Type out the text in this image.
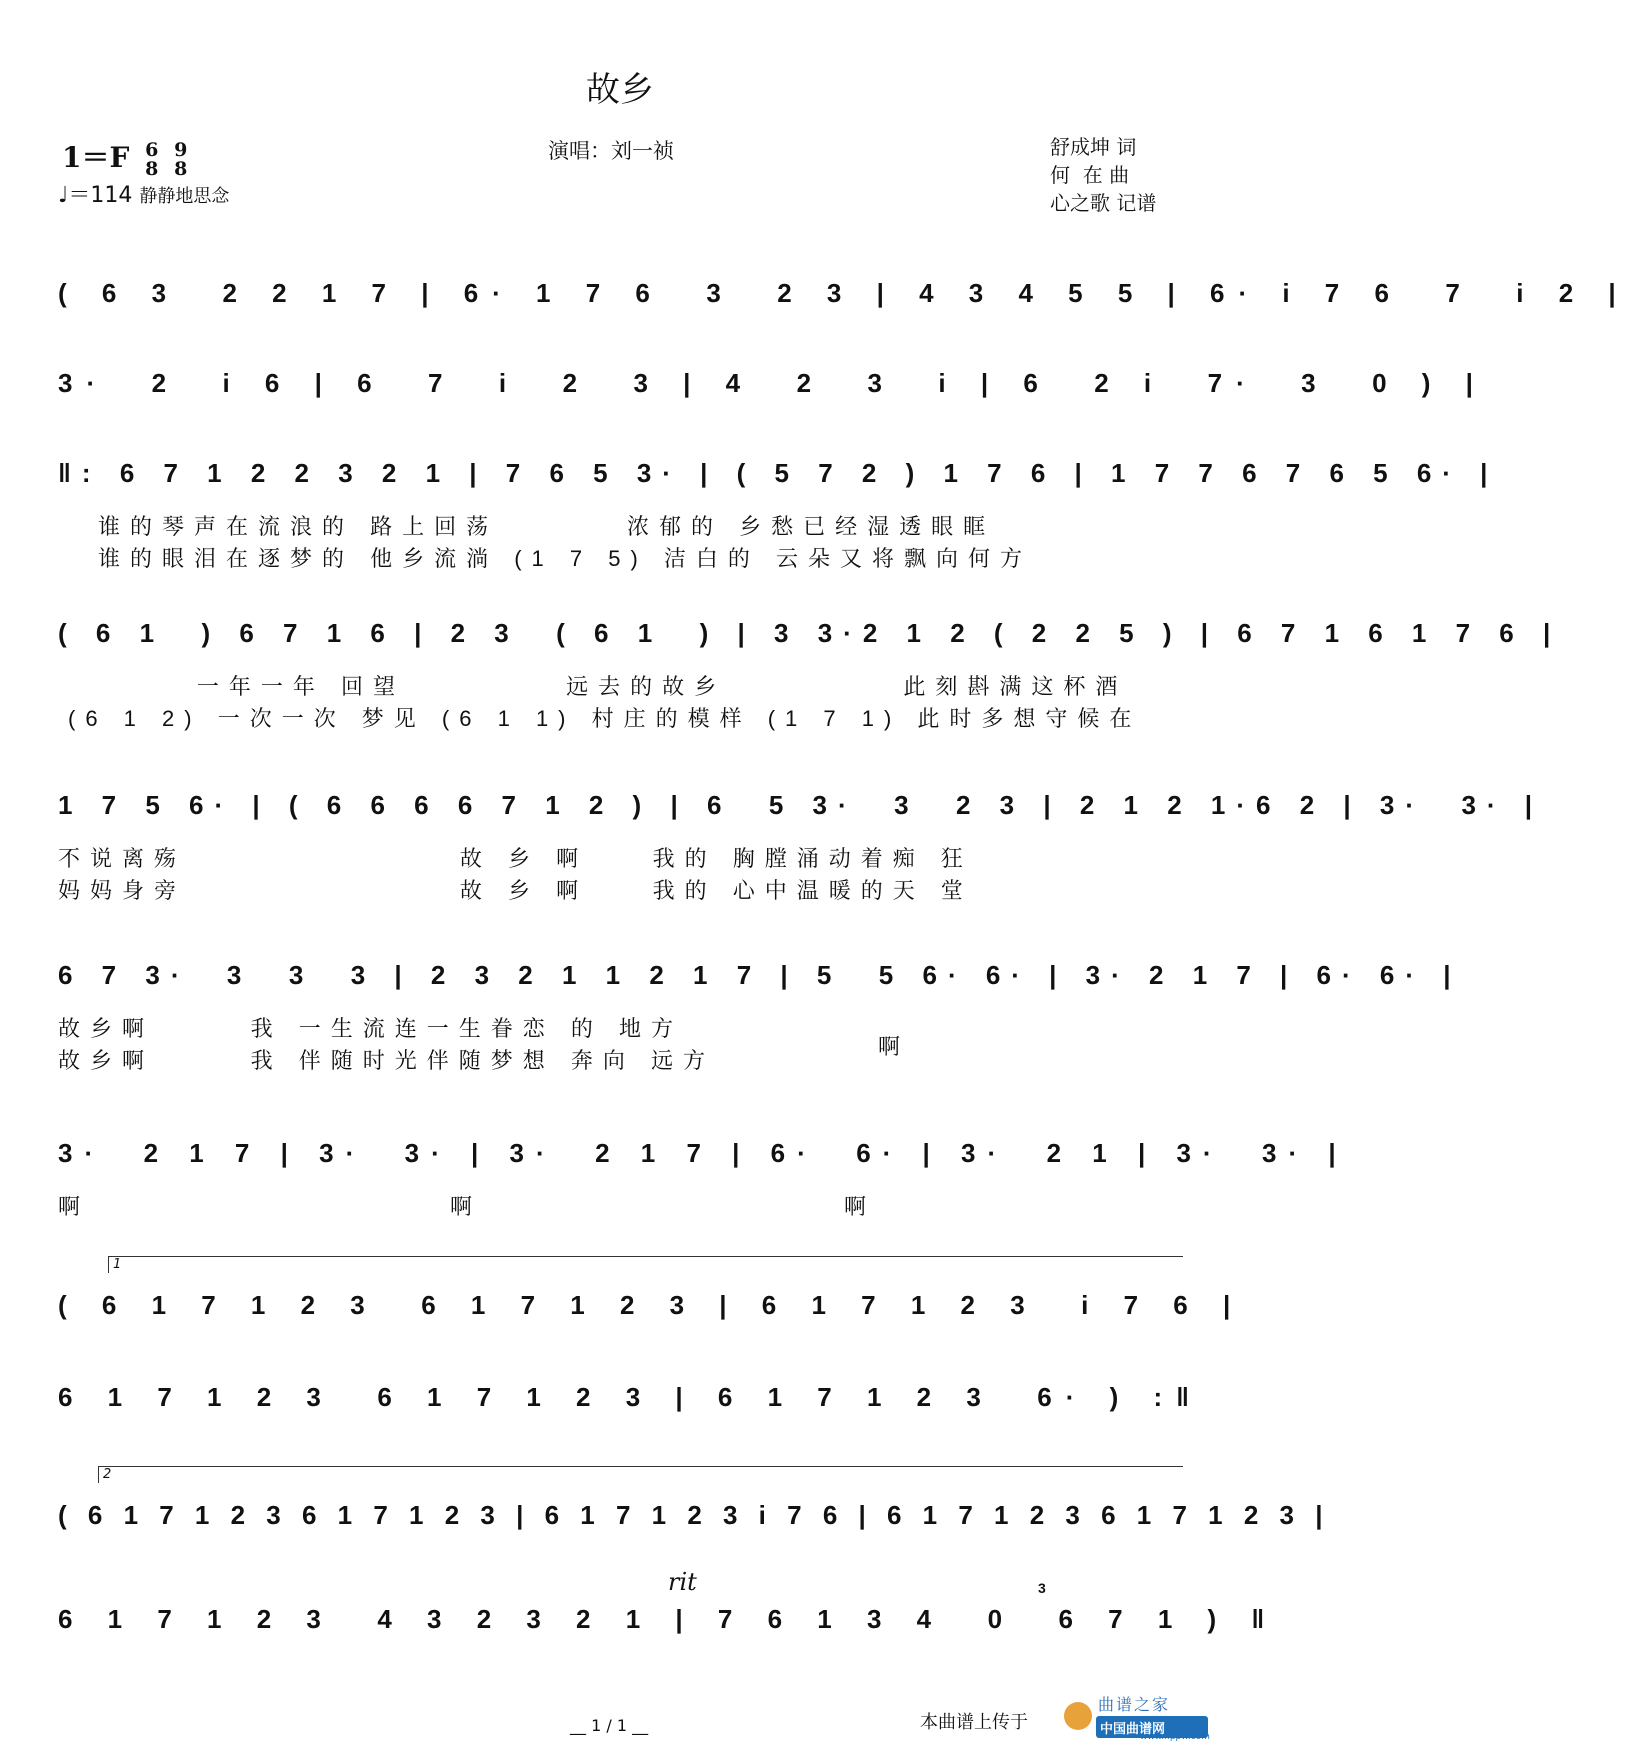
故乡
1＝F 6
8

9
8
♩＝114 静静地思念
演唱：刘一祯	舒成坤 词
何  在 曲
心之歌 记谱
( 6 3  2 2 1 7 | 6· 1 7 6  3  2 3 | 4 3 4 5 5 | 6· i 7 6  7  i 2 |
3·  2  i 6 | 6  7  i  2  3 | 4  2  3  i | 6  2 i  7·  3  0 ) |
‖: 6 7 1 2 2 3 2 1 | 7 6 5 3· | ( 5 7 2 ) 1 7 6 | 1 7 7 6 7 6 5 6· |
谁的琴声在流浪的 路上回荡        浓郁的 乡愁已经湿透眼眶
谁的眼泪在逐梦的 他乡流淌 (1 7 5) 洁白的 云朵又将飘向何方
( 6 1  ) 6 7 1 6 | 2 3  ( 6 1  ) | 3 3·2 1 2 ( 2 2 5 ) | 6 7 1 6 1 7 6 |
一年一年 回望          远去的故乡           此刻斟满这杯酒
(6 1 2) 一次一次 梦见 (6 1 1) 村庄的模样 (1 7 1) 此时多想守候在
1 7 5 6· | ( 6 6 6 6 7 1 2 ) | 6  5 3·  3  2 3 | 2 1 2 1·6 2 | 3·  3· |
不说离殇                 故 乡 啊    我的 胸膛涌动着痴 狂
妈妈身旁                 故 乡 啊    我的 心中温暖的天 堂
6 7 3·  3  3  3 | 2 3 2 1 1 2 1 7 | 5  5 6· 6· | 3· 2 1 7 | 6· 6· |
故乡啊      我 一生流连一生眷恋 的 地方
故乡啊      我 伴随时光伴随梦想 奔向 远方
啊
3·  2 1 7 | 3·  3· | 3·  2 1 7 | 6·  6· | 3·  2 1 | 3·  3· |
啊	啊	啊
1
( 6 1 7 1 2 3  6 1 7 1 2 3 | 6 1 7 1 2 3  i 7 6 |
6 1 7 1 2 3  6 1 7 1 2 3 | 6 1 7 1 2 3  6· ) :‖
2
( 6 1 7 1 2 3 6 1 7 1 2 3 | 6 1 7 1 2 3 i 7 6 | 6 1 7 1 2 3 6 1 7 1 2 3 |
rit
6 1 7 1 2 3  4 3 2 3 2 1 | 7 6 1 3 4  0  6 7 1 ) ‖
3
__ 1 / 1 __	本曲谱上传于
曲谱之家
中国曲谱网
www.hppw.com
